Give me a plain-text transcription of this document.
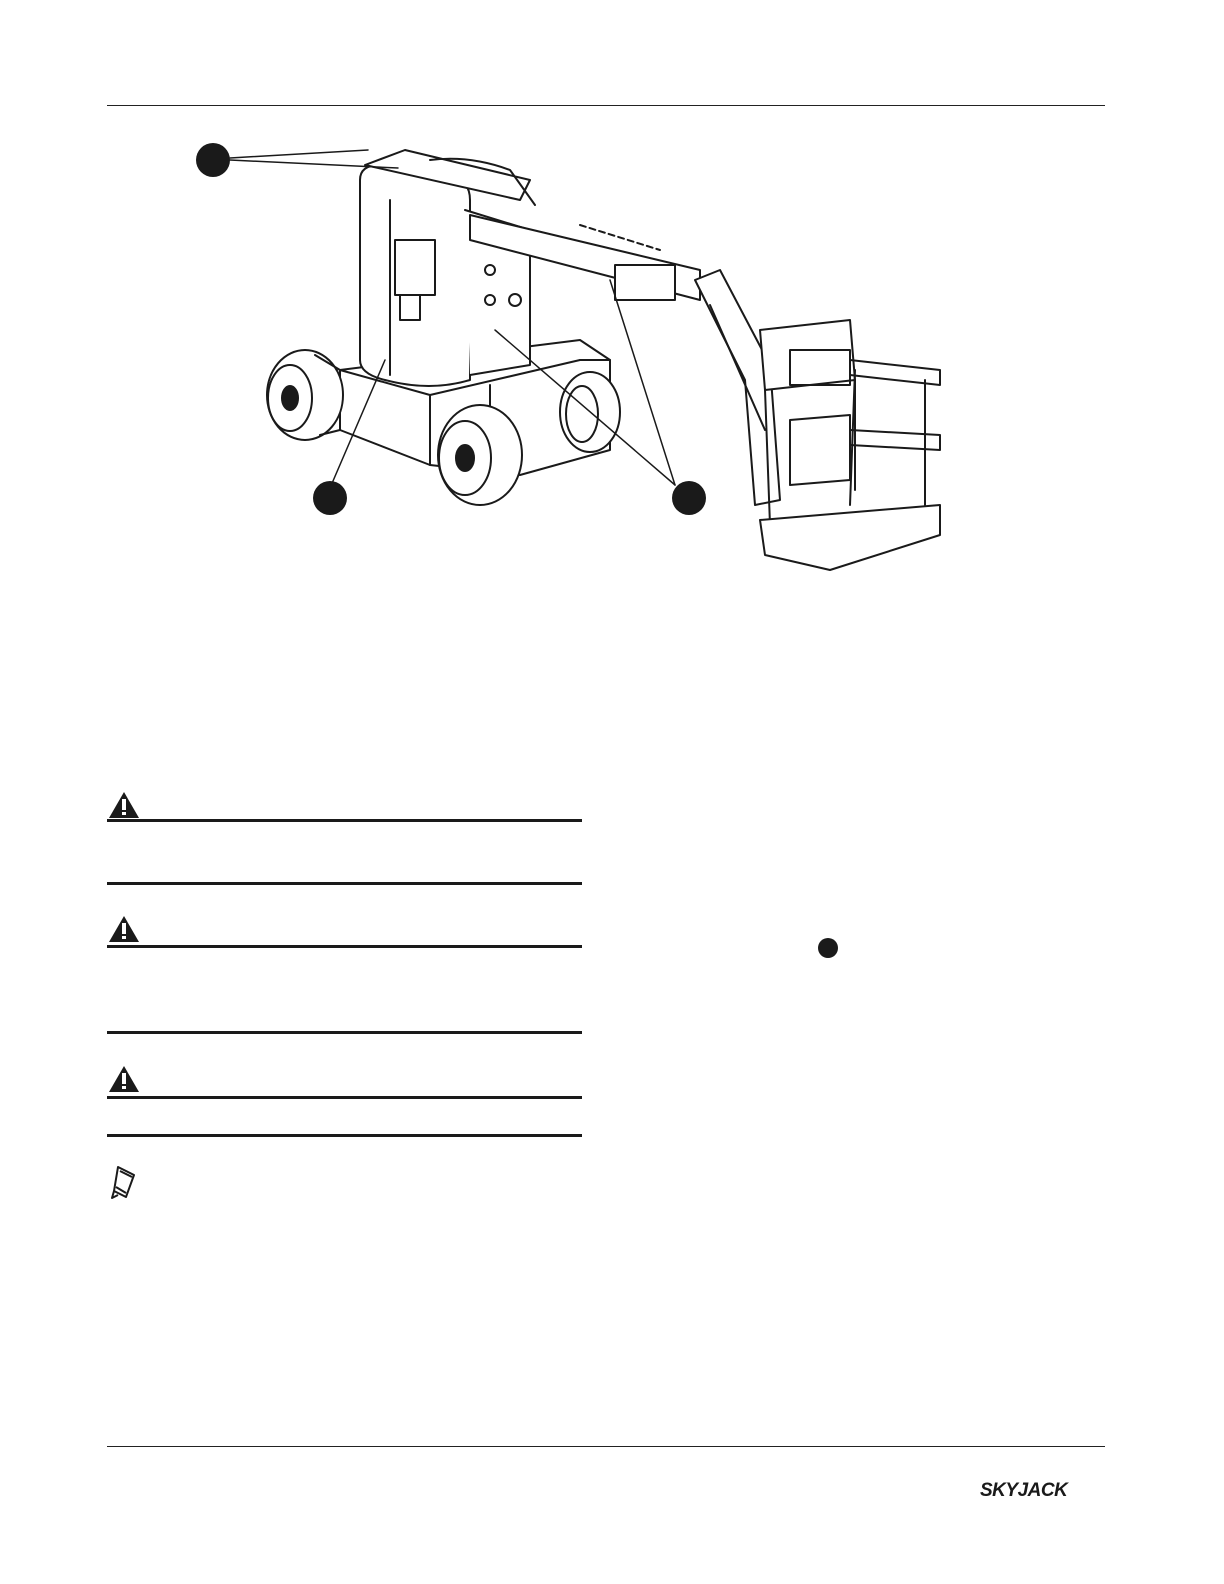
SKYJACK
